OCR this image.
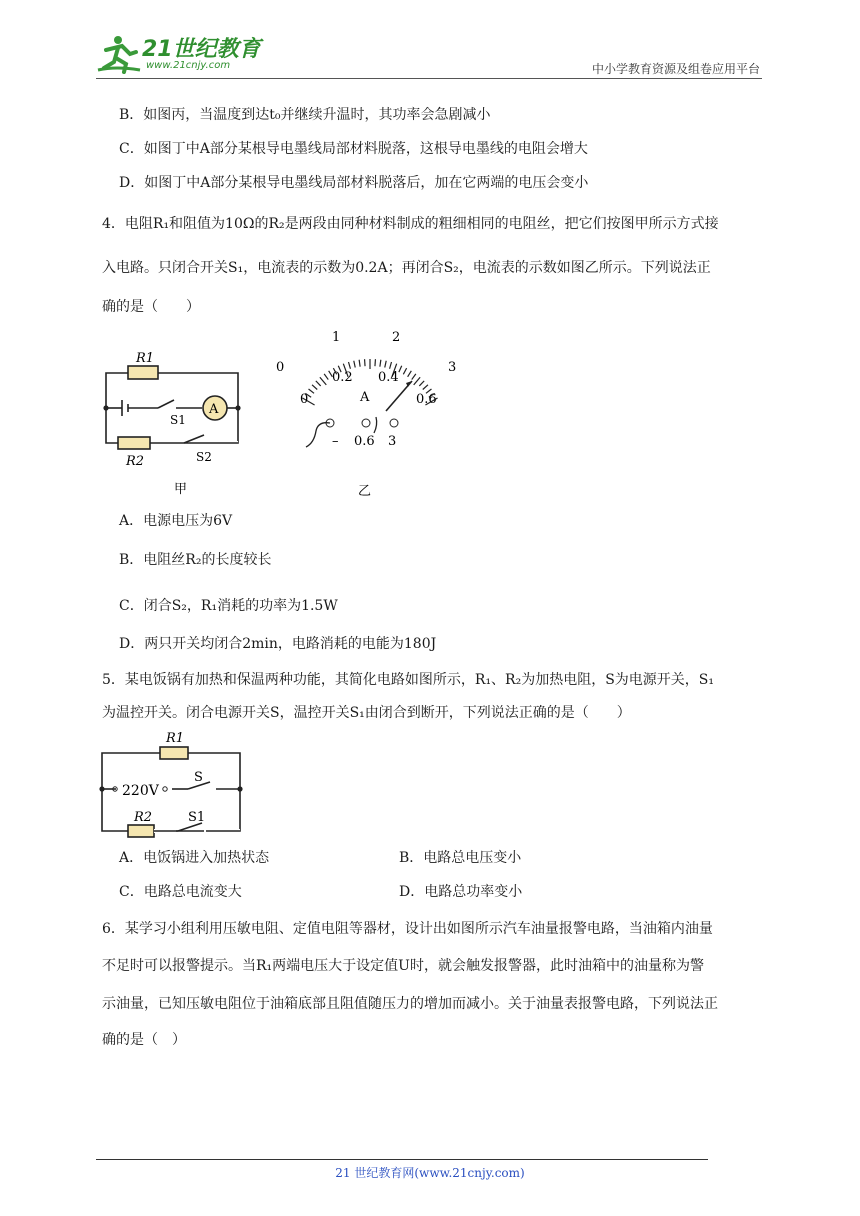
21世纪教育
www.21cnjy.com	中小学教育资源及组卷应用平台
B．如图丙，当温度到达t₀并继续升温时，其功率会急剧减小
C．如图丁中A部分某根导电墨线局部材料脱落，这根导电墨线的电阻会增大
D．如图丁中A部分某根导电墨线局部材料脱落后，加在它两端的电压会变小
4．电阻R₁和阻值为10Ω的R₂是两段由同种材料制成的粗细相同的电阻丝，把它们按图甲所示方式接
入电路。只闭合开关S₁，电流表的示数为0.2A；再闭合S₂，电流表的示数如图乙所示。下列说法正
确的是（　　）
R1
S1
A
R2	S2
甲
0
1	2
3
0
0.2 0.4
0.6
A
– 0.6 3
乙
A．电源电压为6V
B．电阻丝R₂的长度较长
C．闭合S₂，R₁消耗的功率为1.5W
D．两只开关均闭合2min，电路消耗的电能为180J
5．某电饭锅有加热和保温两种功能，其简化电路如图所示，R₁、R₂为加热电阻，S为电源开关，S₁
为温控开关。闭合电源开关S，温控开关S₁由闭合到断开，下列说法正确的是（　　）
R1
220V
S
R2	S1
A．电饭锅进入加热状态	B．电路总电压变小
C．电路总电流变大	D．电路总功率变小
6．某学习小组利用压敏电阻、定值电阻等器材，设计出如图所示汽车油量报警电路，当油箱内油量
不足时可以报警提示。当R₁两端电压大于设定值U时，就会触发报警器，此时油箱中的油量称为警
示油量，已知压敏电阻位于油箱底部且阻值随压力的增加而减小。关于油量表报警电路，下列说法正
确的是（　）
21 世纪教育网(www.21cnjy.com)
